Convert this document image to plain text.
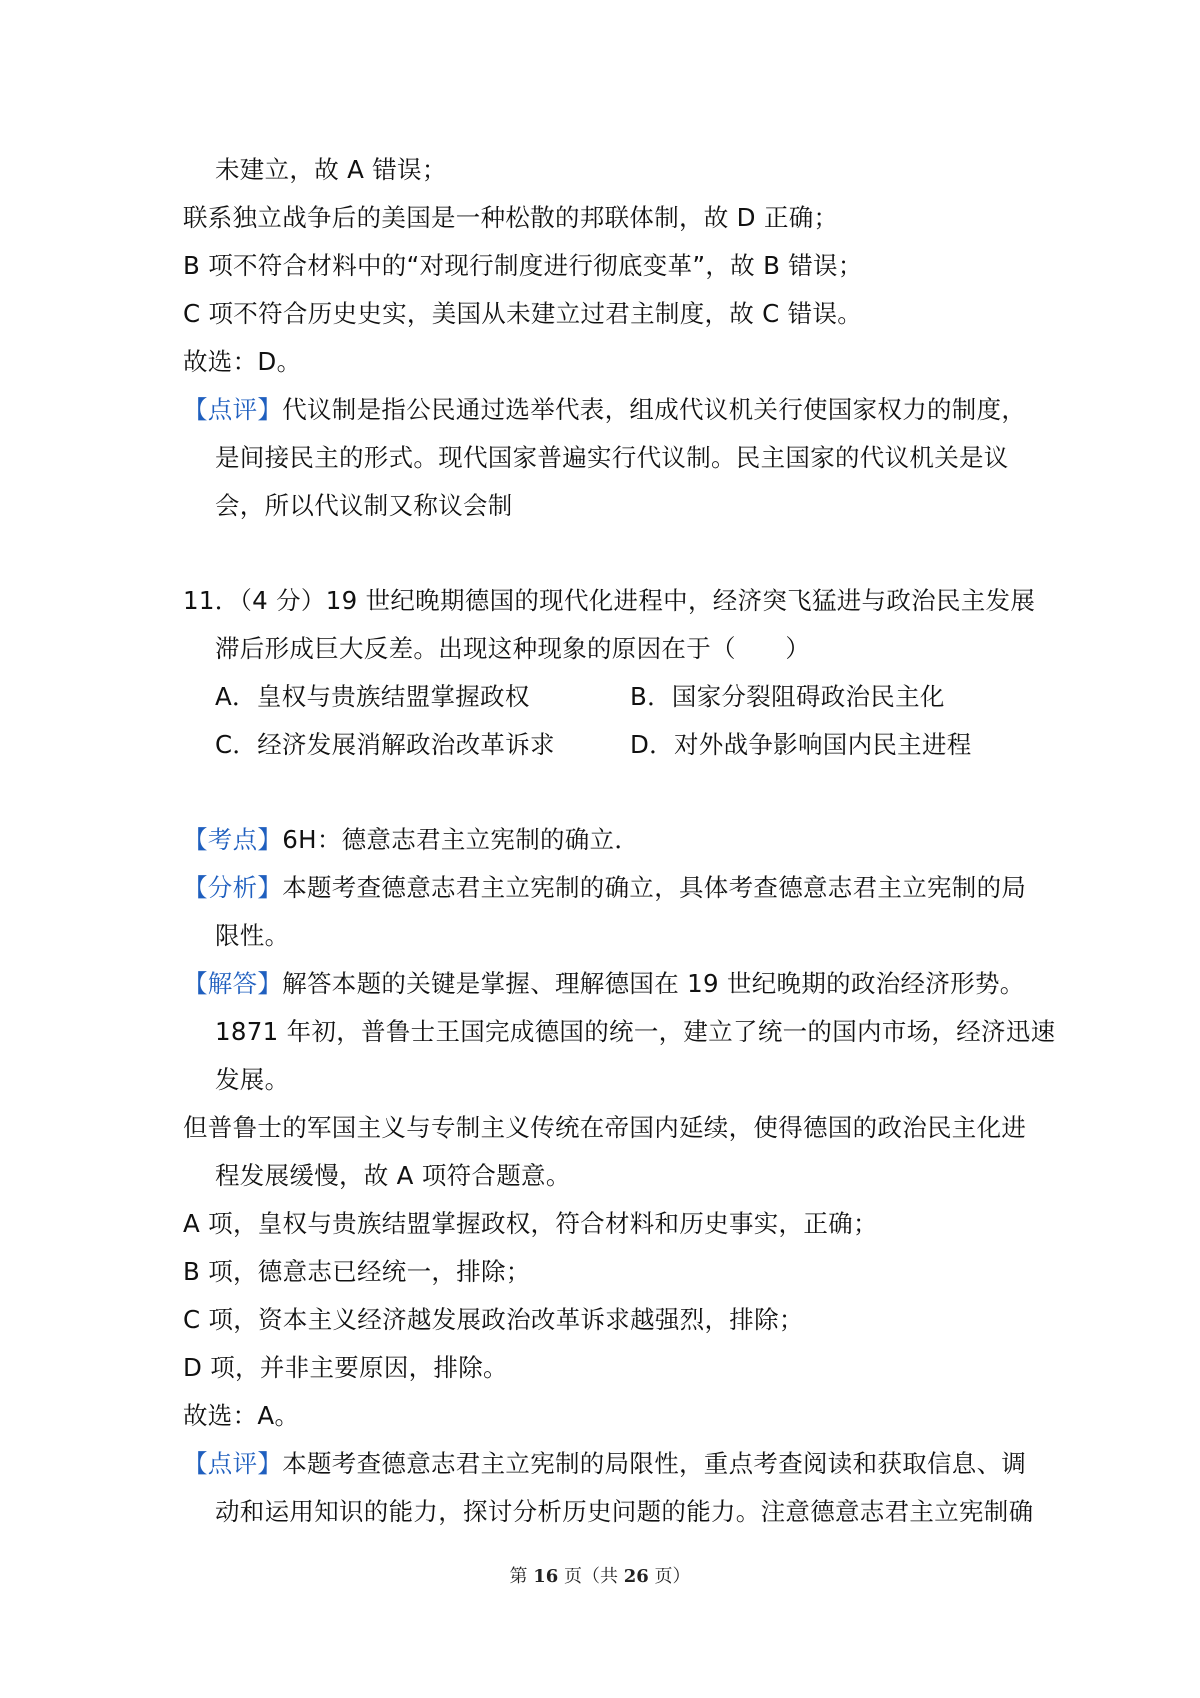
未建立，故 A 错误；
联系独立战争后的美国是一种松散的邦联体制，故 D 正确；
B 项不符合材料中的“对现行制度进行彻底变革”，故 B 错误；
C 项不符合历史史实，美国从未建立过君主制度，故 C 错误。
故选：D。
【点评】代议制是指公民通过选举代表，组成代议机关行使国家权力的制度，
是间接民主的形式。现代国家普遍实行代议制。民主国家的代议机关是议
会，所以代议制又称议会制
11．（4 分）19 世纪晚期德国的现代化进程中，经济突飞猛进与政治民主发展
滞后形成巨大反差。出现这种现象的原因在于（　　）
A．皇权与贵族结盟掌握政权	B．国家分裂阻碍政治民主化
C．经济发展消解政治改革诉求	D．对外战争影响国内民主进程
【考点】6H：德意志君主立宪制的确立．
【分析】本题考查德意志君主立宪制的确立，具体考查德意志君主立宪制的局
限性。
【解答】解答本题的关键是掌握、理解德国在 19 世纪晚期的政治经济形势。
1871 年初，普鲁士王国完成德国的统一，建立了统一的国内市场，经济迅速
发展。
但普鲁士的军国主义与专制主义传统在帝国内延续，使得德国的政治民主化进
程发展缓慢，故 A 项符合题意。
A 项，皇权与贵族结盟掌握政权，符合材料和历史事实，正确；
B 项，德意志已经统一，排除；
C 项，资本主义经济越发展政治改革诉求越强烈，排除；
D 项，并非主要原因，排除。
故选：A。
【点评】本题考查德意志君主立宪制的局限性，重点考查阅读和获取信息、调
动和运用知识的能力，探讨分析历史问题的能力。注意德意志君主立宪制确
第 16 页（共 26 页）
